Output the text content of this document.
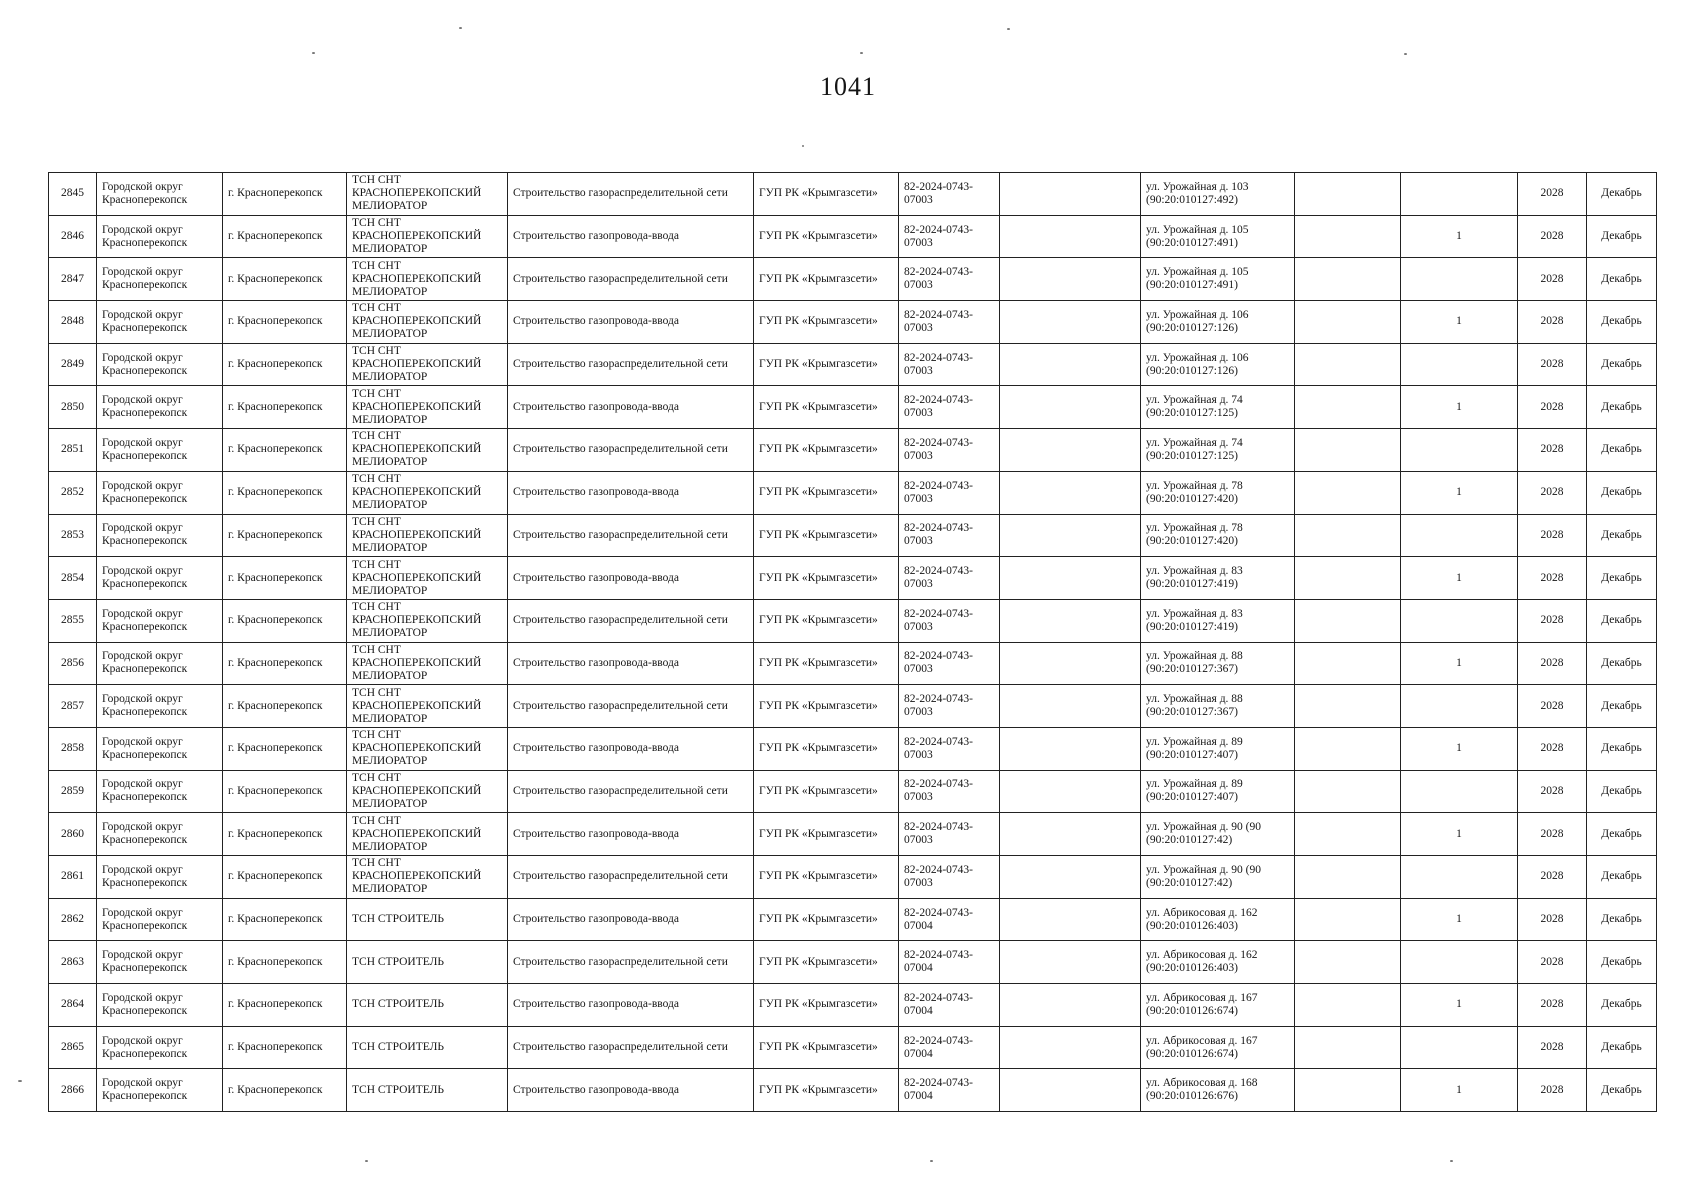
1041
2845	Городской округ Красноперекопск	г. Красноперекопск	ТСН СНТ КРАСНОПЕРЕКОПСКИЙ МЕЛИОРАТОР	Строительство газораспределительной сети	ГУП РК «Крымгазсети»	82-2024-0743-07003		ул. Урожайная д. 103 (90:20:010127:492)			2028	Декабрь
2846	Городской округ Красноперекопск	г. Красноперекопск	ТСН СНТ КРАСНОПЕРЕКОПСКИЙ МЕЛИОРАТОР	Строительство газопровода-ввода	ГУП РК «Крымгазсети»	82-2024-0743-07003		ул. Урожайная д. 105 (90:20:010127:491)		1	2028	Декабрь
2847	Городской округ Красноперекопск	г. Красноперекопск	ТСН СНТ КРАСНОПЕРЕКОПСКИЙ МЕЛИОРАТОР	Строительство газораспределительной сети	ГУП РК «Крымгазсети»	82-2024-0743-07003		ул. Урожайная д. 105 (90:20:010127:491)			2028	Декабрь
2848	Городской округ Красноперекопск	г. Красноперекопск	ТСН СНТ КРАСНОПЕРЕКОПСКИЙ МЕЛИОРАТОР	Строительство газопровода-ввода	ГУП РК «Крымгазсети»	82-2024-0743-07003		ул. Урожайная д. 106 (90:20:010127:126)		1	2028	Декабрь
2849	Городской округ Красноперекопск	г. Красноперекопск	ТСН СНТ КРАСНОПЕРЕКОПСКИЙ МЕЛИОРАТОР	Строительство газораспределительной сети	ГУП РК «Крымгазсети»	82-2024-0743-07003		ул. Урожайная д. 106 (90:20:010127:126)			2028	Декабрь
2850	Городской округ Красноперекопск	г. Красноперекопск	ТСН СНТ КРАСНОПЕРЕКОПСКИЙ МЕЛИОРАТОР	Строительство газопровода-ввода	ГУП РК «Крымгазсети»	82-2024-0743-07003		ул. Урожайная д. 74 (90:20:010127:125)		1	2028	Декабрь
2851	Городской округ Красноперекопск	г. Красноперекопск	ТСН СНТ КРАСНОПЕРЕКОПСКИЙ МЕЛИОРАТОР	Строительство газораспределительной сети	ГУП РК «Крымгазсети»	82-2024-0743-07003		ул. Урожайная д. 74 (90:20:010127:125)			2028	Декабрь
2852	Городской округ Красноперекопск	г. Красноперекопск	ТСН СНТ КРАСНОПЕРЕКОПСКИЙ МЕЛИОРАТОР	Строительство газопровода-ввода	ГУП РК «Крымгазсети»	82-2024-0743-07003		ул. Урожайная д. 78 (90:20:010127:420)		1	2028	Декабрь
2853	Городской округ Красноперекопск	г. Красноперекопск	ТСН СНТ КРАСНОПЕРЕКОПСКИЙ МЕЛИОРАТОР	Строительство газораспределительной сети	ГУП РК «Крымгазсети»	82-2024-0743-07003		ул. Урожайная д. 78 (90:20:010127:420)			2028	Декабрь
2854	Городской округ Красноперекопск	г. Красноперекопск	ТСН СНТ КРАСНОПЕРЕКОПСКИЙ МЕЛИОРАТОР	Строительство газопровода-ввода	ГУП РК «Крымгазсети»	82-2024-0743-07003		ул. Урожайная д. 83 (90:20:010127:419)		1	2028	Декабрь
2855	Городской округ Красноперекопск	г. Красноперекопск	ТСН СНТ КРАСНОПЕРЕКОПСКИЙ МЕЛИОРАТОР	Строительство газораспределительной сети	ГУП РК «Крымгазсети»	82-2024-0743-07003		ул. Урожайная д. 83 (90:20:010127:419)			2028	Декабрь
2856	Городской округ Красноперекопск	г. Красноперекопск	ТСН СНТ КРАСНОПЕРЕКОПСКИЙ МЕЛИОРАТОР	Строительство газопровода-ввода	ГУП РК «Крымгазсети»	82-2024-0743-07003		ул. Урожайная д. 88 (90:20:010127:367)		1	2028	Декабрь
2857	Городской округ Красноперекопск	г. Красноперекопск	ТСН СНТ КРАСНОПЕРЕКОПСКИЙ МЕЛИОРАТОР	Строительство газораспределительной сети	ГУП РК «Крымгазсети»	82-2024-0743-07003		ул. Урожайная д. 88 (90:20:010127:367)			2028	Декабрь
2858	Городской округ Красноперекопск	г. Красноперекопск	ТСН СНТ КРАСНОПЕРЕКОПСКИЙ МЕЛИОРАТОР	Строительство газопровода-ввода	ГУП РК «Крымгазсети»	82-2024-0743-07003		ул. Урожайная д. 89 (90:20:010127:407)		1	2028	Декабрь
2859	Городской округ Красноперекопск	г. Красноперекопск	ТСН СНТ КРАСНОПЕРЕКОПСКИЙ МЕЛИОРАТОР	Строительство газораспределительной сети	ГУП РК «Крымгазсети»	82-2024-0743-07003		ул. Урожайная д. 89 (90:20:010127:407)			2028	Декабрь
2860	Городской округ Красноперекопск	г. Красноперекопск	ТСН СНТ КРАСНОПЕРЕКОПСКИЙ МЕЛИОРАТОР	Строительство газопровода-ввода	ГУП РК «Крымгазсети»	82-2024-0743-07003		ул. Урожайная д. 90 (90 (90:20:010127:42)		1	2028	Декабрь
2861	Городской округ Красноперекопск	г. Красноперекопск	ТСН СНТ КРАСНОПЕРЕКОПСКИЙ МЕЛИОРАТОР	Строительство газораспределительной сети	ГУП РК «Крымгазсети»	82-2024-0743-07003		ул. Урожайная д. 90 (90 (90:20:010127:42)			2028	Декабрь
2862	Городской округ Красноперекопск	г. Красноперекопск	ТСН СТРОИТЕЛЬ	Строительство газопровода-ввода	ГУП РК «Крымгазсети»	82-2024-0743-07004		ул. Абрикосовая д. 162 (90:20:010126:403)		1	2028	Декабрь
2863	Городской округ Красноперекопск	г. Красноперекопск	ТСН СТРОИТЕЛЬ	Строительство газораспределительной сети	ГУП РК «Крымгазсети»	82-2024-0743-07004		ул. Абрикосовая д. 162 (90:20:010126:403)			2028	Декабрь
2864	Городской округ Красноперекопск	г. Красноперекопск	ТСН СТРОИТЕЛЬ	Строительство газопровода-ввода	ГУП РК «Крымгазсети»	82-2024-0743-07004		ул. Абрикосовая д. 167 (90:20:010126:674)		1	2028	Декабрь
2865	Городской округ Красноперекопск	г. Красноперекопск	ТСН СТРОИТЕЛЬ	Строительство газораспределительной сети	ГУП РК «Крымгазсети»	82-2024-0743-07004		ул. Абрикосовая д. 167 (90:20:010126:674)			2028	Декабрь
2866	Городской округ Красноперекопск	г. Красноперекопск	ТСН СТРОИТЕЛЬ	Строительство газопровода-ввода	ГУП РК «Крымгазсети»	82-2024-0743-07004		ул. Абрикосовая д. 168 (90:20:010126:676)		1	2028	Декабрь
